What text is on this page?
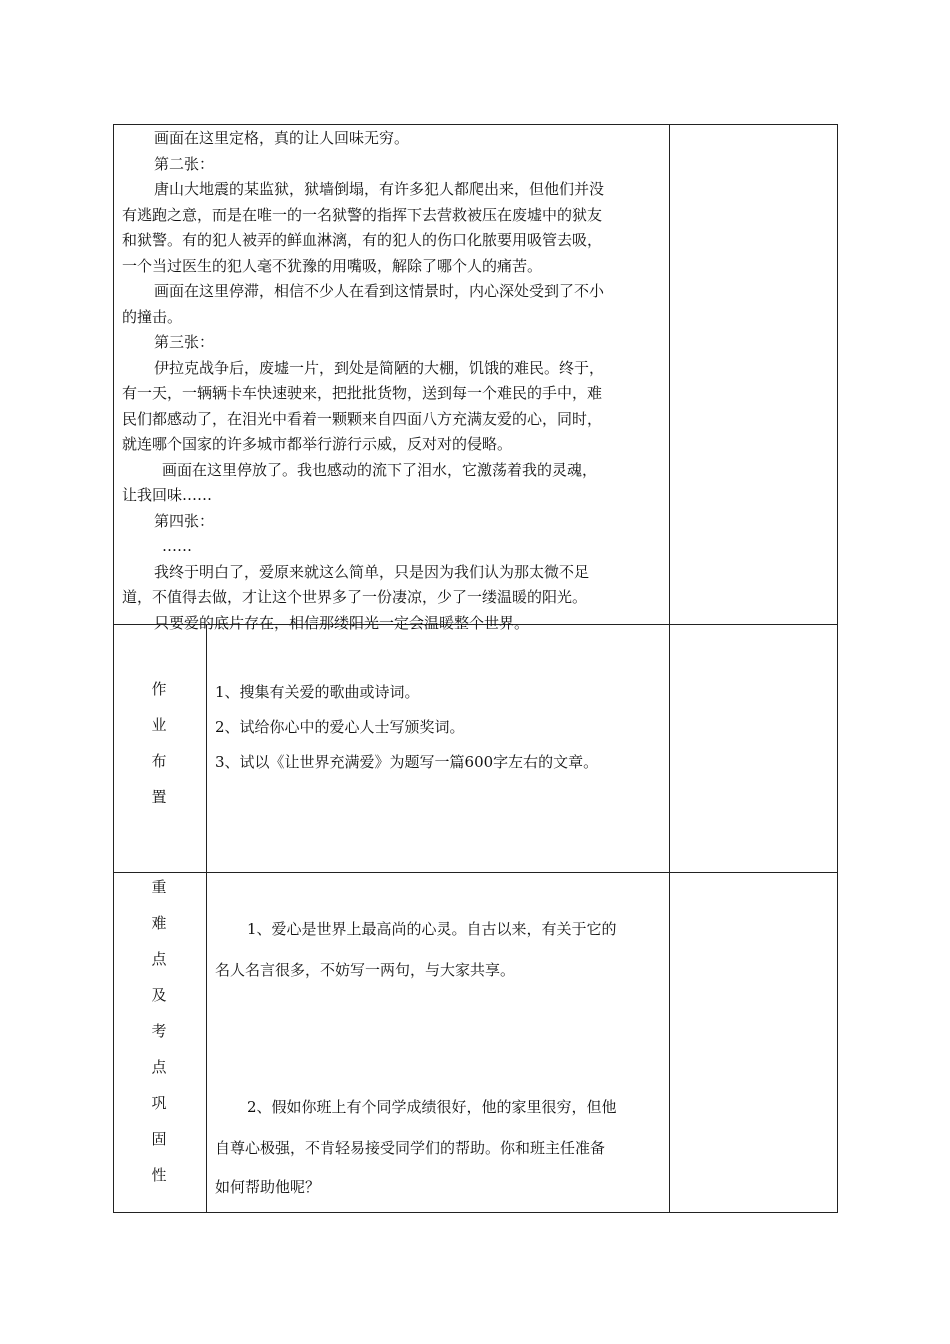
画面在这里定格，真的让人回味无穷。

第二张：

唐山大地震的某监狱，狱墙倒塌，有许多犯人都爬出来，但他们并没

有逃跑之意，而是在唯一的一名狱警的指挥下去营救被压在废墟中的狱友

和狱警。有的犯人被弄的鲜血淋漓，有的犯人的伤口化脓要用吸管去吸，

一个当过医生的犯人毫不犹豫的用嘴吸，解除了哪个人的痛苦。

画面在这里停滞，相信不少人在看到这情景时，内心深处受到了不小

的撞击。

第三张：

伊拉克战争后，废墟一片，到处是简陋的大棚，饥饿的难民。终于，

有一天，一辆辆卡车快速驶来，把批批货物，送到每一个难民的手中，难

民们都感动了，在泪光中看着一颗颗来自四面八方充满友爱的心，同时，

就连哪个国家的许多城市都举行游行示威，反对对的侵略。

画面在这里停放了。我也感动的流下了泪水，它激荡着我的灵魂，

让我回味……

第四张：

……

我终于明白了，爱原来就这么简单，只是因为我们认为那太微不足

道，不值得去做，才让这个世界多了一份凄凉，少了一缕温暖的阳光。

只要爱的底片存在，相信那缕阳光一定会温暖整个世界。

作
业
布
置
1、搜集有关爱的歌曲或诗词。
2、试给你心中的爱心人士写颁奖词。
3、试以《让世界充满爱》为题写一篇600字左右的文章。
重
难
点
及
考
点
巩
固
性
1、爱心是世界上最高尚的心灵。自古以来，有关于它的
名人名言很多，不妨写一两句，与大家共享。
2、假如你班上有个同学成绩很好，他的家里很穷，但他
自尊心极强，不肯轻易接受同学们的帮助。你和班主任准备
如何帮助他呢？
